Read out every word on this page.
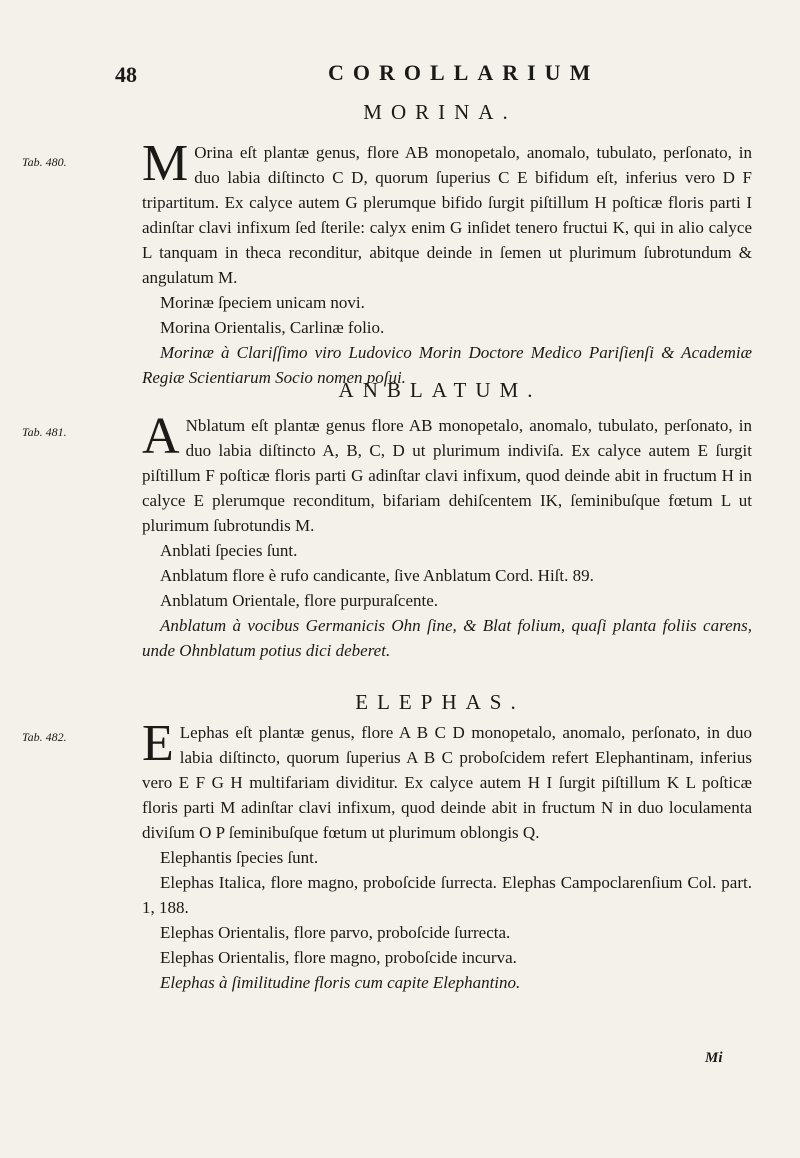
48	COROLLARIUM
MORINA.
Tab. 480. M Orina eſt plantæ genus, flore AB monopetalo, anomalo, tubulato, perſonato, in duo labia diſtincto C D, quorum ſuperius C E bifidum eſt, inferius vero D F tripartitum. Ex calyce autem G plerumque bifido ſurgit piſtillum H poſticæ floris parti I adinſtar clavi infixum ſed ſterile: calyx enim G inſidet tenero fructui K, qui in alio calyce L tanquam in theca reconditur, abitque deinde in ſemen ut plurimum ſubrotundum & angulatum M.

Morinæ ſpeciem unicam novi.

Morina Orientalis, Carlinæ folio.

Morinæ à Clariſſimo viro Ludovico Morin Doctore Medico Pariſienſi & Academiæ Regiæ Scientiarum Socio nomen poſui.

ANBLATUM.
Tab. 481. A Nblatum eſt plantæ genus flore AB monopetalo, anomalo, tubulato, perſonato, in duo labia diſtincto A, B, C, D ut plurimum indiviſa. Ex calyce autem E ſurgit piſtillum F poſticæ floris parti G adinſtar clavi infixum, quod deinde abit in fructum H in calyce E plerumque reconditum, bifariam dehiſcentem IK, ſeminibuſque fœtum L ut plurimum ſubrotundis M.

Anblati ſpecies ſunt.

Anblatum flore è rufo candicante, ſive Anblatum Cord. Hiſt. 89.

Anblatum Orientale, flore purpuraſcente.

Anblatum à vocibus Germanicis Ohn ſine, & Blat folium, quaſi planta foliis carens, unde Ohnblatum potius dici deberet.

ELEPHAS.
Tab. 482. E Lephas eſt plantæ genus, flore A B C D monopetalo, anomalo, perſonato, in duo labia diſtincto, quorum ſuperius A B C proboſcidem refert Elephantinam, inferius vero E F G H multifariam dividitur. Ex calyce autem H I ſurgit piſtillum K L poſticæ floris parti M adinſtar clavi infixum, quod deinde abit in fructum N in duo loculamenta diviſum O P ſeminibuſque fœtum ut plurimum oblongis Q.

Elephantis ſpecies ſunt.

Elephas Italica, flore magno, proboſcide ſurrecta. Elephas Campoclarenſium Col. part. 1, 188.

Elephas Orientalis, flore parvo, proboſcide ſurrecta.

Elephas Orientalis, flore magno, proboſcide incurva.

Elephas à ſimilitudine floris cum capite Elephantino.

Mi
